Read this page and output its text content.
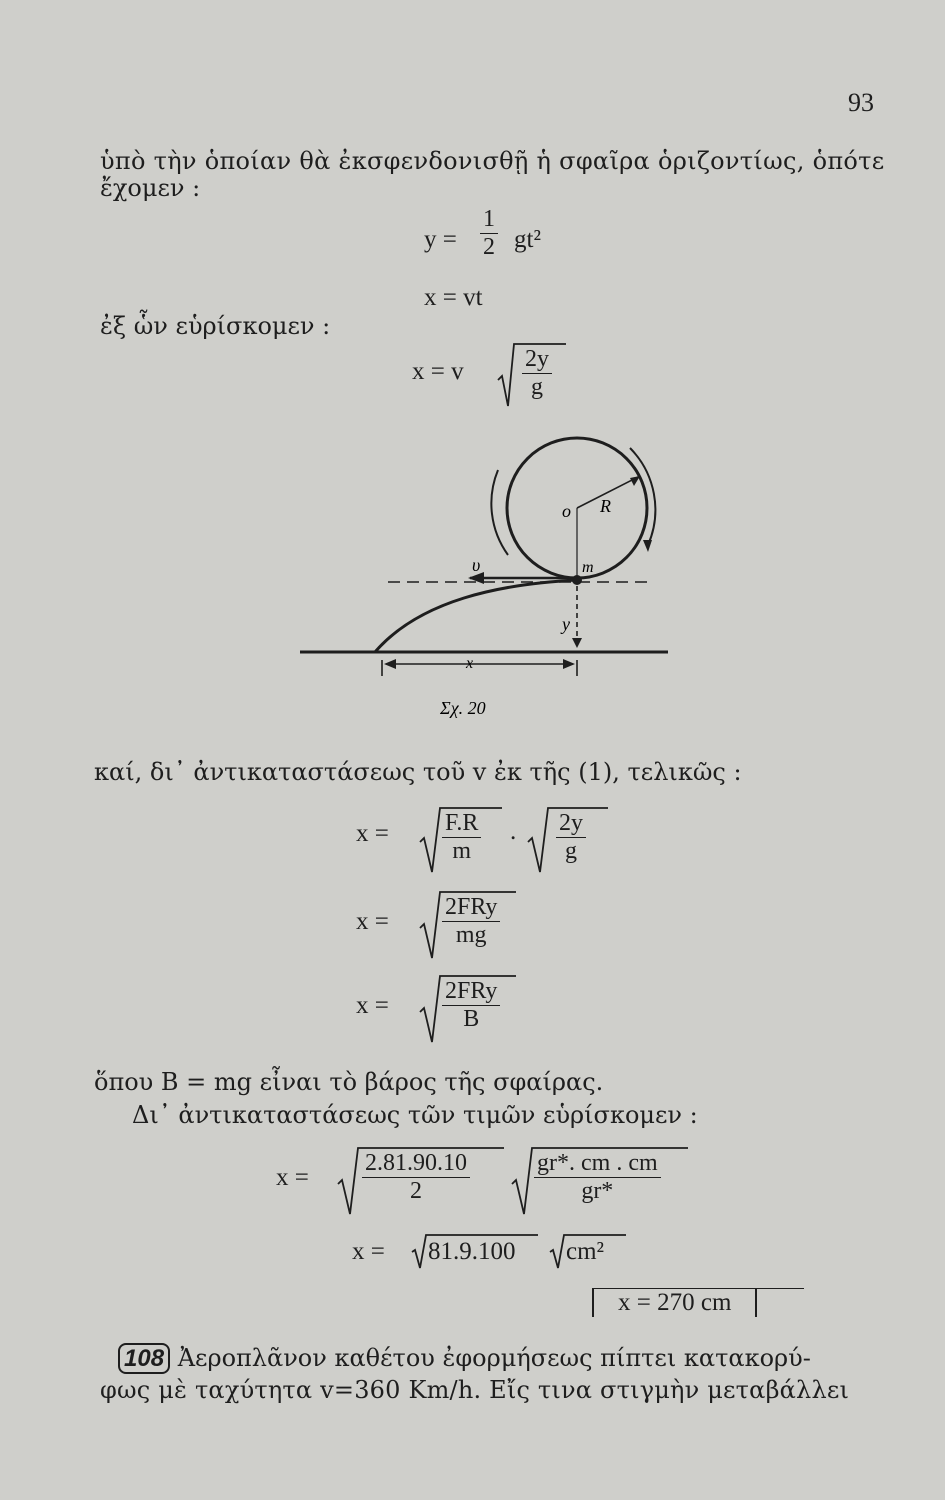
93
ὑπὸ τὴν ὁποίαν θὰ ἐκσφενδονισθῇ ἡ σφαῖρα ὁριζοντίως, ὁπότε
ἔχομεν :
y =
1
2 gt²
x = vt
ἐξ ὧν εὑρίσκομεν :
x = v	2y
g
o R
υ	m
y
x
Σχ. 20
καί, δι᾽ ἀντικαταστάσεως τοῦ v ἐκ τῆς (1), τελικῶς :
x = F.R
m
. 2y
g
x =
2FRy
mg
x =
2FRy
B
ὅπου B = mg εἶναι τὸ βάρος τῆς σφαίρας.
Δι᾽ ἀντικαταστάσεως τῶν τιμῶν εὑρίσκομεν :
x =
2.81.90.10
2
gr*. cm . cm
gr*
x = 81.9.100 cm²
x = 270 cm
108 Ἀεροπλᾶνον καθέτου ἐφορμήσεως πίπτει κατακορύ-
φως μὲ ταχύτητα v=360 Km/h. Εἴς τινα στιγμὴν μεταβάλλει
